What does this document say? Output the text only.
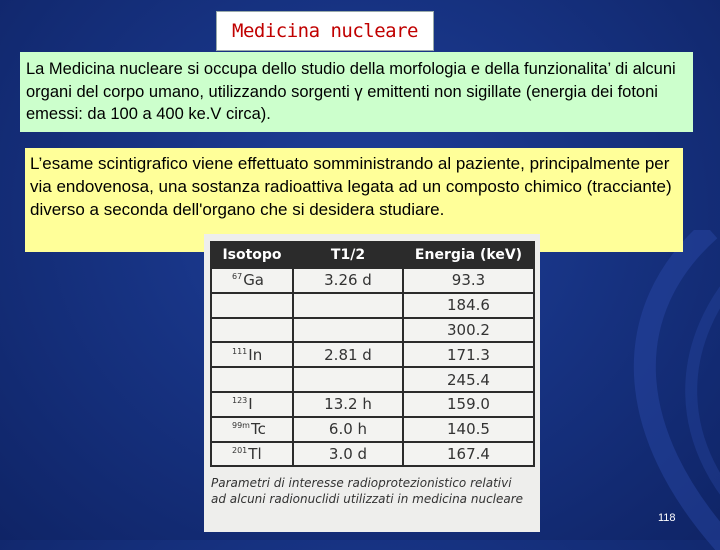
Medicina nucleare
La Medicina nucleare si occupa dello studio della morfologia e della funzionalita’ di alcuni organi del corpo umano, utilizzando sorgenti γ emittenti non sigillate (energia dei fotoni emessi: da 100 a 400 ke.V circa).
L’esame scintigrafico viene effettuato somministrando al paziente, principalmente per via endovenosa, una sostanza radioattiva legata ad un composto chimico (tracciante) diverso a seconda dell'organo che si desidera studiare.
Isotopo	T1/2	Energia (keV)
$^{67}$Ga	3.26 d	93.3
		184.6
		300.2
$^{111}$In	2.81 d	171.3
		245.4
$^{123}$I	13.2 h	159.0
$^{99m}$Tc	6.0 h	140.5
$^{201}$Tl	3.0 d	167.4
Parametri di interesse radioprotezionistico relativi ad alcuni radionuclidi utilizzati in medicina nucleare
118
